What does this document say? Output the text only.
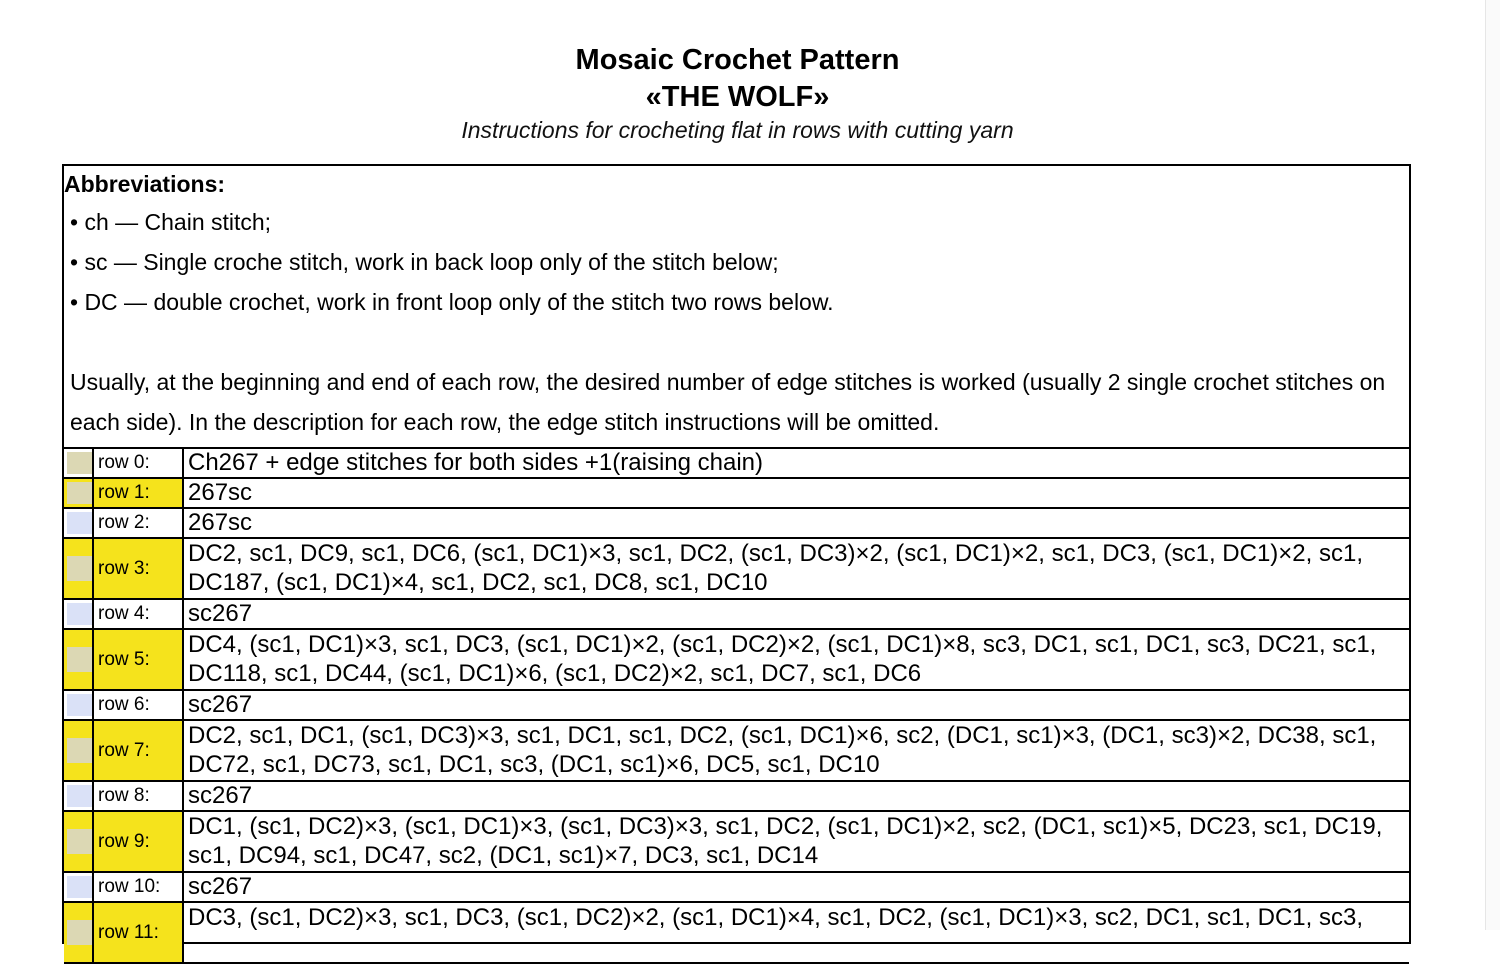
Mosaic Crochet Pattern
«THE WOLF»
Instructions for crocheting flat in rows with cutting yarn
Abbreviations:
• ch — Chain stitch;
• sc — Single croche stitch, work in back loop only of the stitch below;
• DC — double crochet, work in front loop only of the stitch two rows below.
Usually, at the beginning and end of each row, the desired number of edge stitches is worked (usually 2 single crochet stitches on each side). In the description for each row, the edge stitch instructions will be omitted.
row 0:	Ch267 + edge stitches for both sides +1(raising chain)
row 1:	267sc
row 2:	267sc
row 3:
DC2, sc1, DC9, sc1, DC6, (sc1, DC1)×3, sc1, DC2, (sc1, DC3)×2, (sc1, DC1)×2, sc1, DC3, (sc1, DC1)×2, sc1, DC187, (sc1, DC1)×4, sc1, DC2, sc1, DC8, sc1, DC10
row 4:	sc267
row 5:
DC4, (sc1, DC1)×3, sc1, DC3, (sc1, DC1)×2, (sc1, DC2)×2, (sc1, DC1)×8, sc3, DC1, sc1, DC1, sc3, DC21, sc1, DC118, sc1, DC44, (sc1, DC1)×6, (sc1, DC2)×2, sc1, DC7, sc1, DC6
row 6:	sc267
row 7:
DC2, sc1, DC1, (sc1, DC3)×3, sc1, DC1, sc1, DC2, (sc1, DC1)×6, sc2, (DC1, sc1)×3, (DC1, sc3)×2, DC38, sc1, DC72, sc1, DC73, sc1, DC1, sc3, (DC1, sc1)×6, DC5, sc1, DC10
row 8:	sc267
row 9:
DC1, (sc1, DC2)×3, (sc1, DC1)×3, (sc1, DC3)×3, sc1, DC2, (sc1, DC1)×2, sc2, (DC1, sc1)×5, DC23, sc1, DC19, sc1, DC94, sc1, DC47, sc2, (DC1, sc1)×7, DC3, sc1, DC14
row 10:	sc267
row 11:
DC3, (sc1, DC2)×3, sc1, DC3, (sc1, DC2)×2, (sc1, DC1)×4, sc1, DC2, (sc1, DC1)×3, sc2, DC1, sc1, DC1, sc3,
